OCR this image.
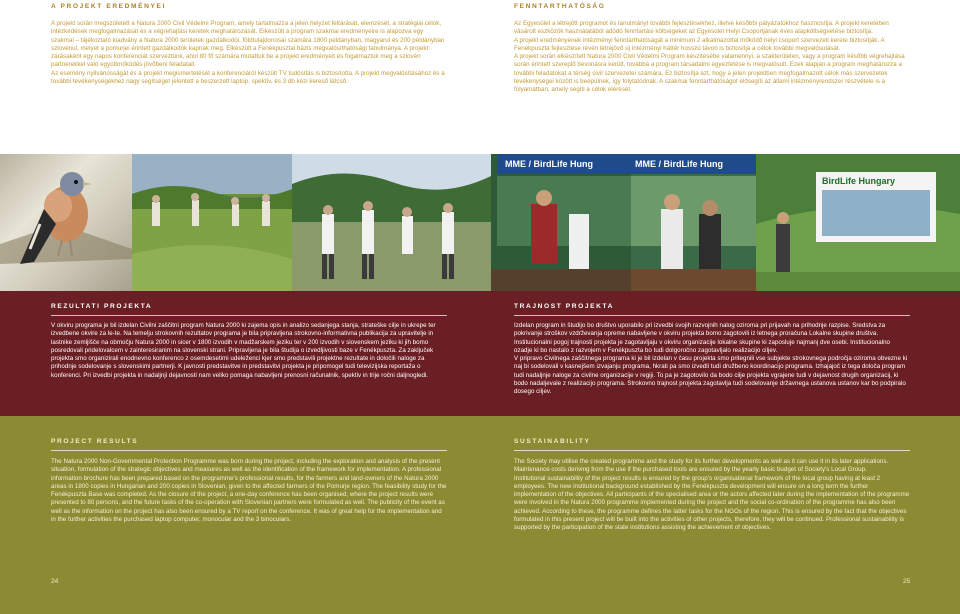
A PROJEKT EREDMÉNYEI

A projekt során megszületett a Natura 2000 Civil Védelmi Program, amely tartalmazza a jelen helyzet feltárását, elemzését, a stratégiai célok, intézkedések megfogalmazását és a végrehajtási keretek meghatározását. Elkészült a program szakmai eredményeire is alapozva egy szakmai – tájékoztató kiadvány a Natura 2000 területek gazdálkodói, földtulajdonosai számára 1800 példányban, magyarul és 200 példányban szlovénul, melyet a pomurjei érintett gazdálkodók kapnak meg. Elkészült a Fenékpusztai bázis megvalósíthatósági tanulmánya. A projekt zárásaként egy napos konferenciát szerveztünk, ahol 80 fő számára mutattuk be a projekt eredményeit és fogalmaztuk meg a szlovén partnerekkel való együttműködés jövőbeni feladatait.

Az esemény nyilvánosságát és a projekt megismertetését a konferenciáról készült TV tudósítás is biztosította. A projekt megvalósításához és a további tevékenységekhez nagy segítséget jelentett a beszerzett laptop, spektív, és 3 db kézi kereső látcső.

FENNTARTHATÓSÁG

Az Egyesület a létrejött programot és tanulmányt további fejlesztésekhez, illetve későbbi pályázatokhoz hasznosítja. A projekt keretében vásárolt eszközök használatából adódó fenntartási költségeket az Egyesület Helyi Csoportjának éves alapköltségvetése biztosítja.

A projekt eredményének intézményi fenntarthatóságát a minimum 2 alkalmazottal működő helyi csoport szervezeti kerete biztosítják. A Fenékpuszta fejlesztése révén létrejövő új intézményi háttér hosszú távon is biztosítja a célok további megvalósulását.

A projekt során elkészített Natura 2000 Civil Védelmi Program készítésébe valamennyi, a szakterületen, vagy a program később végrehajtása során érintett szereplő bevonásra került, továbbá a program társadalmi egyeztetése is megvalósult. Ezek alapján a program meghatározza a további feladatokat a térség civil szervezetei számára. Ez biztosítja azt, hogy a jelen projektben megfogalmazott célok más szervezetek tevékenységei között is beépülnek, így folytatódnak. A szakmai fenntarthatóságot elősegíti az állami intézményrendszer részvétele is a folyamatban, amely segíti a célok elérését.

MME / BirdLife Hung	MME / BirdLife Hung
BirdLife Hungary
REZULTATI PROJEKTA

V okviru programa je bil izdelan Civilni zaščitni program Natura 2000 ki zajema opis in analizo sedanjega stanja, strateške cilje in ukrepe ter izvedbene okvire za le-te. Na temelju strokovnih rezultatov programa je bila pripravljena strokovno-informativna publikacija za upravitelje in lastnike zemljišče na območju Natura 2000 in sicer v 1800 izvodih v madžarskem jeziku ter v 200 izvodih v slovenskem jeziku ki jih bomo posredovali pridelovalcem v zainteresiranim na slovenski strani. Pripravljena je bila študija o izvedljivosti baze v Fenékpuszta. Za zaključek projekta smo organizirali enodnevno konferenco z osemdesetimi udeleženci kjer smo predstavili projektne rezultate in določili naloge za prihodnje sodelovanje s slovenskimi partnerji. K javnosti predstavitve in predstavitvi projekta je pripomogel tudi televizijska reportaža o konferenci. Pri izvedbi projekta in nadaljnji dejavnosti nam veliko pomaga nabavljeni prenosni računalnik, spektiv in trije ročni daljnogledi.

TRAJNOST PROJEKTA

Izdelan program in študijo bo društvo uporabilo pri izvedbi svojih razvojnih nalog oziroma pri prijavah na prihodnje razpise. Sredstva za pokrivanje stroškov vzdrževanja opreme nabavljene v okviru projekta bomo zagotovili iz letnega proračuna Lokalne skupine društva.

Institucionalni pogoj trajnosti projekta je zagotavljaju v okviru organizacije lokalne skupine ki zaposluje najmanj dve osebi. Institucionalno ozadje ki bo nastalo z razvojem v Fenékpuszta bo tudi dolgoročno zagotavljalo realizacijo ciljev.

V pripravo Civilnega zaščitnega programa ki je bil izdelan v času projekta smo pritegnili vse subjekte strokovnega področja oziroma obvezne ki naj bi sodelovali v kasnejšem izvajanju programa, hkrati pa smo izvedli tudi družbeno koordinacijo programa. Izhajajoč iz tega določa program tudi nadaljnje naloge za civilne organizacije v regiji. To pa je zagotovilo da bodo cilje projekta vgrajene tudi v dejavnost drugih organizacij, ki bodo nadaljevale z realizacijo programa. Strokovno trajnost projekta zagotavlja tudi sodelovanje državnega ustanova ustanov kar bo podpiralo dosego ciljev.

PROJECT RESULTS

The Natura 2000 Non-Governmental Protection Programme was born during the project, including the exploration and analysis of the present situation, formulation of the strategic objectives and measures as well as the identification of the framework for implementation. A professional information brochure has been prepared based on the programme's professional results, for the farmers and land-owners of the Natura 2000 areas in 1800 copies in Hungarian and 200 copies in Slovenian, given to the affected farmers of the Pomurje region. The feasibility study for the Fenékpuszta Base was completed. As the closure of the project, a one-day conference has been organised, where the project results were presented to 80 persons, and the future tasks of the co-operation with Slovenian partners were formulated as well. The publicity of the event as well as the information on the project has also been ensured by a TV report on the conference. It was of great help for the implementation and in the further activities the purchased laptop computer, monocular and the 3 binoculars.

SUSTAINABILITY

The Society may utilise the created programme and the study for its further developments as well as it can use it in its later applications. Maintenance costs deriving from the use if the purchased tools are ensured by the yearly basic budget of Society's Local Group.

Institutional sustainability of the project results is ensured by the group's organisational framework of the local group having at least 2 employees. The new institutional background established by the Fenékpuszta development will ensure on a long term the further implementation of the objectives. All participants of the specialised area or the actors affected later during the implementation of the programme were involved in the Natura 2000 programme implemented during the project and the social co-ordination of the programme has also been achieved. According to these, the programme defines the latter tasks for the NGOs of the region. This is ensured by the fact that the objectives formulated in this present project will be built into the activities of other projects, therefore, they will be continued. Professional sustainability is supported by the participation of the state institutions assisting the achievement of objectives.

24	25
